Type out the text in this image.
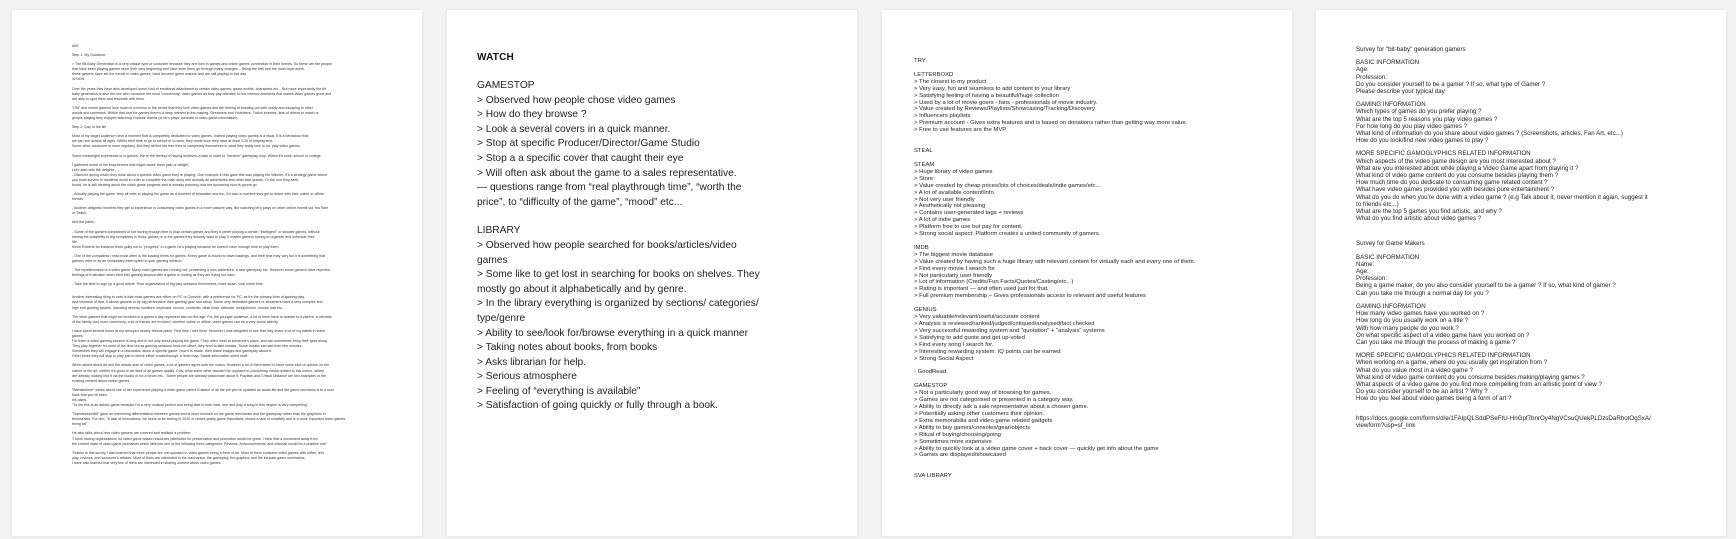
AIM
Step 1: My Guidance
> The Bit Baby Generation is a very unique type of costumer because they are born in games and online games connection in their homes. So these are the people
that have been playing games since their very beginning and have seen them go through many changes... Being the first and the most loyal users,
these gamers have set the trends in video games, have become game makers and are still playing to this day.
VISION
Over the years they have also developed some kind of emotional attachment to certain video games, game worlds, characters etc... But more importantly the bit
baby generation is also the one who consume the most "community" video games as they pay attention to the intrinsic elements that makes video games great and
are able to spot them and resonate with them.
"Old" and recent gamers love much in common in the sense that they love video games and the feeling of bonding out with reality and escaping to other
worlds and universes. Within that love for games there's a deep interest in the making, Streamers and Youtubers, Twitch streams, lists of videos to watch or
people playing they enjoyed watching Youtube videos (or let's plays, tutorials or video game information).
Step 2: Day In the life
Most of my target audience have a moment that is completely dedicated to video games. Indeed playing video games is a ritual. It is a behaviour that
we can see across all ages. Within their time to go to school or to work, they made sure they have at least 1-2h of playing time.
Some other consumer is more regularly. But they all find the free time to completely themselves in what they really love to do: play video games.
Some meaningful experience is in games. We're the feeling of having achieved a task in order to "beneive" gameplay loop. Within it's work, school or college.
I gathered some of the experiences that might cause them pain or delight.
Let's start with the delights :
- Discover during which they think about a specific video game they're playing. One example in this gave this was playing the Witcher. It's a strategy game where
you must survive in medieval world in order to complete the main story and actually all adventures and other side quests. Or the one they seek
found, he is still thinking about the video game progress and is already planning how the upcoming hour is gonna go.
- Actually playing the game, they all refer to playing the game as a moment of relaxation and fun. It's also a moment they get to share with their online or offline
friends.
- Another delightful moment they get to experience is consuming video games in a more passive way, like watching let's plays on other online events via YouTube
or Twitch.
And the pains :
- Some of the gamers complained of not having enough time to play certain games and they'd prefer playing a certain "intelligent" or shooter games, without
having the possibility to dig completely in those games or to the games they actually want to play. It makes gamers having to organize and schedule their
life.
Kevin Roberts for instance feels guilty not to "progress" in a game he's playing because he doesn't have enough time to play them.
- One of the complaints I read most often is the loading times for games. Every game is bound to have loadings, and their time may vary but it is something that
gamers refer to as an involuntary interruption to your gaming session.
- The repetitiveness of a video game: Many video games are running out, presenting a new adventure, a new gameplay etc. However some gamers have reported
feelings of frustration when their first gaming session with a game is hurting as they are trying too hard.
- Take the time to sign up a good article. Poor organization of big play sessions themselves, more strain, took some time.
Another interesting thing to note is that most gamers are either on PC or Console, with a preference for PC, as it's the primary form of gaming play.
And because of that, it allows gamers to try big personalize their gaming gear and setup. Some very dedicated gamers or streamers have a very complex and
high end gaming system, including several monitors, keyboard, mouse, controller, desk chair, webcam, headphones, mouse mat etc...
The other gamers that might be involved in a gamer's day represent also on the age. For the younger audience, a lot of them have to answer to a parent, a member
of the family. And more commonly, a lot of friends are involved, whether online or offline, video games can be a very social activity.
I have spent several hours at my annoyed nearby friends place. First time I met them. However I was delighted to see that they share a lot of my habits in video
games.
For them a video gaming session is long and is not only about playing the game. They often meet at someone's place, and can sometimes bring their gear along.
They play together for most of the time but as gaming sessions tend not offset, they tend to take breaks. Those breaks can last from few minutes.
Sometimes they will engage in a discussion about a specific game. Now it is made, then share images and gameplay about it.
Other times they will stop to play just to check either a walkthrough, a level map, Stable information when stuff.
When asked about art and the artistic side of video games, a lot of gamers agree with the notion. However a lot of them seem to have some kind of opinion on the
nature of the art, neither it's good or art itself of all games qualify. Only, what some other wouldn't be opposed to consuming media related to this notion, others
are already looking into it via the books or for a forum etc... Some people are already passionate about it. Playlists and Critical Distance are two examples of the
existing content about online games.
"Bitmaksheet" writes about one of her experience playing a video game called Gustave of all the job you've updated an audio file and the game mechanic is to a user
back that you've been
his pains.
"To me this is an artistic game because I'm a very musical person and being able to both hear, see and play a song in this degree is very compelling"
"Gamekeeper88" gave an interesting differentiation between games and is more focused on the game mechanics and the gameplay rather than the graphism in
themselves. For him, "A lack of innovations, we seem to be seeing in 2020 or recent yearly game franchises, shows a lack of creativity and is a more important video games
being art"
He also talks about how video gamers are covered and realised a problem:
"I think having organizations for video game based resources (attributes for preservation and promotion would be great. I think that a movement away from
the current state of video game journalism which falls into one of the following three categories: Reviews, Announcements, and clickbait would be a positive one"
Thanks to this survey I also learned that more people are not opposed to video games being a form of art. Most of them consume video games with either, let's
play, reviews, and someone's articles. Most of them are interested in the mechanics, the gameplay, the graphics and the intricate game mechanics.
I have also learned that very few of them are interested in sharing content about video games.
WATCH
GAMESTOP
> Observed how people chose video games
> How do they browse ?
> Look a several covers in a quick manner.
> Stop at specific Producer/Director/Game Studio
> Stop a a specific cover that caught their eye
> Will often ask about the game to a sales representative.
— questions range from “real playthrough time”, “worth the
price”, to “difficulty of the game”, “mood” etc...
LIBRARY
> Observed how people searched for books/articles/video
games
> Some like to get lost in searching for books on shelves. They
mostly go about it alphabetically and by genre.
> In the library everything is organized by sections/ categories/
type/genre
> Ability to see/look for/browse everything in a quick manner
> Taking notes about books, from books
> Asks librarian for help.
> Serious atmosphere
> Feeling of “everything is available”
> Satisfaction of going quickly or fully through a book.
TRY
LETTERBOXD
> The closest to my product
> Very easy, fun and seamless to add content to your library
> Satisfying feeling of having a beautiful/huge collection
> Used by a lot of movie goers - fans - professionals of movie industry.
> Value created by Reviews/Playlists/Showcasing/Tracking/Discovery
> Influencers playlists
> Premium account - Gives extra features and is based on donations rather than getting way more value.
> Free to use features are the MVP
STEAL
STEAM
> Huge library of video games
> Store
> Value created by cheap prices/lots of choices/deals/indie games/etc...
> A lot of available content/info
> Not very user friendly
> Aesthetically not pleasing
> Contains user-generated tags + reviews
> A lot of indie games
> Platform free to use but pay for content.
> Strong social aspect: Platform creates a united community of gamers.
IMDB
> The biggest movie database
> Value created by having such a huge library with relevant content for virtually each and every one of them.
> Find every movie I search for
> Not particularly user friendly
> Lot of information (Credits/Fun Facts/Quotes/Casting/etc...)
> Rating is important — and often used just for that.
> Full premium membership – Gives professionals access to relevant and useful features
GENIUS
> Very valuable/relevant/useful/accurate content
> Analysis is reviewed/ranked/judged/critiqued/analysed/fact checked
> Very successful rewarding system and "quotation" + "analysis" systems
> Satisfying to add quote and get up-voted
> Find every song I search for.
> Interesting rewarding system: IQ points can be earned
> Strong Social Aspect
- GoodRead
GAMESTOP
> Not a particularly good way of browsing for games.
> Games are not categorised or presented in a category way.
> Ability to directly ask a sale representative about a chosen game.
> Potentially asking other customers their opinion.
> Extra memorabilia and video game related gadgets
> Ability to buy games/consoles/gear/objects
> Ritual of buying/choosing/going
> Sometimes more expensive
> Ability to quickly look at a video game cover + back cover — quickly get info about the game
> Games are displayed/showcased
SVA LIBRARY
Survey for "bit-baby" generation gamers
BASIC INFORMATION
Age:
Profession:
Do you consider yourself to be a gamer ? If so, what type of Gamer ?
Please describe your typical day
GAMING INFORMATION
Which types of games do you prefer playing ?
What are the top 5 reasons you play video games ?
For how long do you play video games ?
What kind of information do you share about video games ? (Screenshots, articles, Fan Art, etc...)
How do you look/find new video games to play ?
MORE SPECIFIC GAMOGLYPHICS RELATED INFORMATION
Which aspects of the video game design are you most interested about ?
What are you interested about while playing a Video Game apart from playing it ?
What kind of video game content do you consume besides playing them ?
How much time do you dedicate to consuming game related content ?
What have video games provided you with besides pure entertainment ?
What do you do when you're done with a video game ? (e.g Talk about it, never mention it again, suggest it
to friends etc...)
What are the top 5 games you find artistic, and why ?
What do you find artistic about video games ?
Survey for Game Makers
BASIC INFORMATION
Name:
Age:
Profession:
Being a game maker, do you also consider yourself to be a gamer ? If so, what kind of gamer ?
Can you take me through a normal day for you ?
GAMING INFORMATION
How many video games have you worked on ?
How long do you usually work on a title ?
With how many people do you work ?
On what specific aspect of a video game have you worked on ?
Can you take me through the process of making a game ?
MORE SPECIFIC GAMOGLYPHICS RELATED INFORMATION
When working on a game, where do you usually get inspiration from ?
What do you value most in a video game ?
What kind of video game content do you consume besides making/playing games ?
What aspects of a video game do you find more compelling from an artistic point of view ?
Do you consider yourself to be an artist ? Why ?
How do you feel about video games being a form of art ?
https://docs.google.com/forms/d/e/1FAIpQLSddPSeFtU-HnGpf7bnrOy4NgVCsuQUekPLDzsDaRhotOgSxA/
viewform?usp=sf_link
